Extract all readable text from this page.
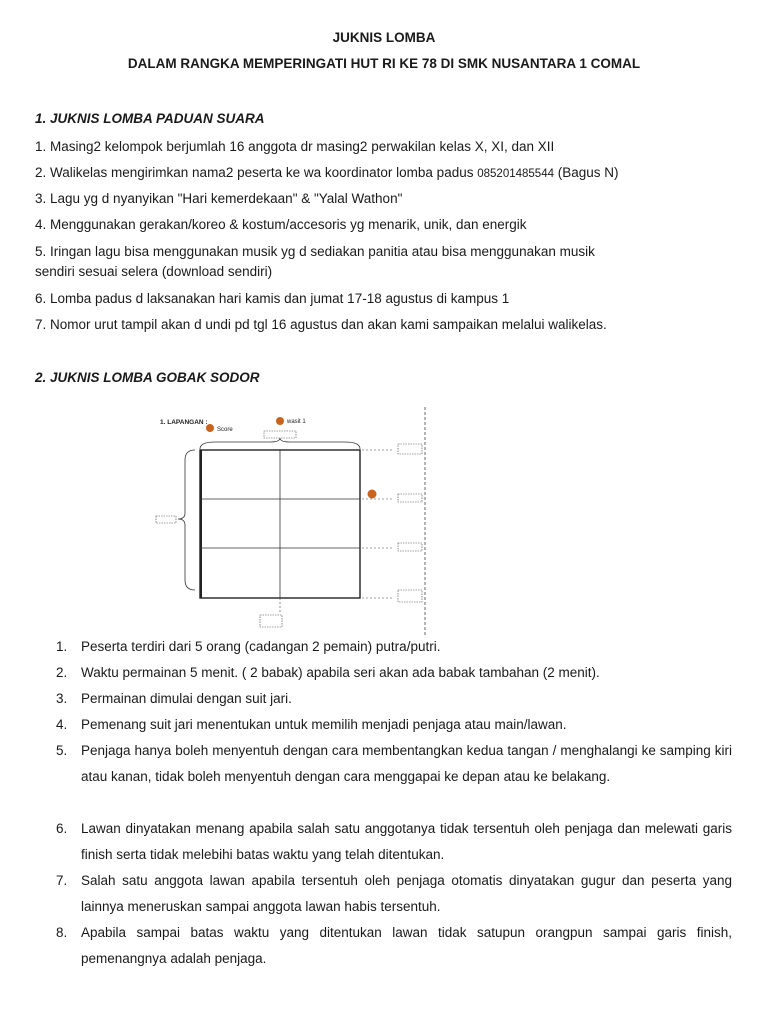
JUKNIS LOMBA
DALAM RANGKA MEMPERINGATI HUT RI KE 78 DI SMK NUSANTARA 1 COMAL
1. JUKNIS LOMBA PADUAN SUARA
1. Masing2 kelompok berjumlah 16 anggota dr masing2 perwakilan kelas X, XI, dan XII
2. Walikelas mengirimkan nama2 peserta ke wa koordinator lomba padus 085201485544 (Bagus N)
3. Lagu yg d nyanyikan "Hari kemerdekaan" & "Yalal Wathon"
4. Menggunakan gerakan/koreo & kostum/accesoris yg menarik, unik, dan energik
5. Iringan lagu bisa menggunakan musik yg d sediakan panitia atau bisa menggunakan musik
sendiri sesuai selera (download sendiri)
6. Lomba padus d laksanakan hari kamis dan jumat 17-18 agustus di kampus 1
7. Nomor urut tampil akan d undi pd tgl 16 agustus dan akan kami sampaikan melalui walikelas.
2. JUKNIS LOMBA GOBAK SODOR
1. LAPANGAN :	wasit 1
Score
1.	Peserta terdiri dari 5 orang (cadangan 2 pemain) putra/putri.
2.	Waktu permainan 5 menit. ( 2 babak) apabila seri akan ada babak tambahan (2 menit).
3.	Permainan dimulai dengan suit jari.
4.	Pemenang suit jari menentukan untuk memilih menjadi penjaga atau main/lawan.
5.	Penjaga hanya boleh menyentuh dengan cara membentangkan kedua tangan / menghalangi ke samping kiri atau kanan, tidak boleh menyentuh dengan cara menggapai ke depan atau ke belakang.
6.	Lawan dinyatakan menang apabila salah satu anggotanya tidak tersentuh oleh penjaga dan melewati garis finish serta tidak melebihi batas waktu yang telah ditentukan.
7.	Salah satu anggota lawan apabila tersentuh oleh penjaga otomatis dinyatakan gugur dan peserta yang lainnya meneruskan sampai anggota lawan habis tersentuh.
8.	Apabila sampai batas waktu yang ditentukan lawan tidak satupun orangpun sampai garis finish, pemenangnya adalah penjaga.
